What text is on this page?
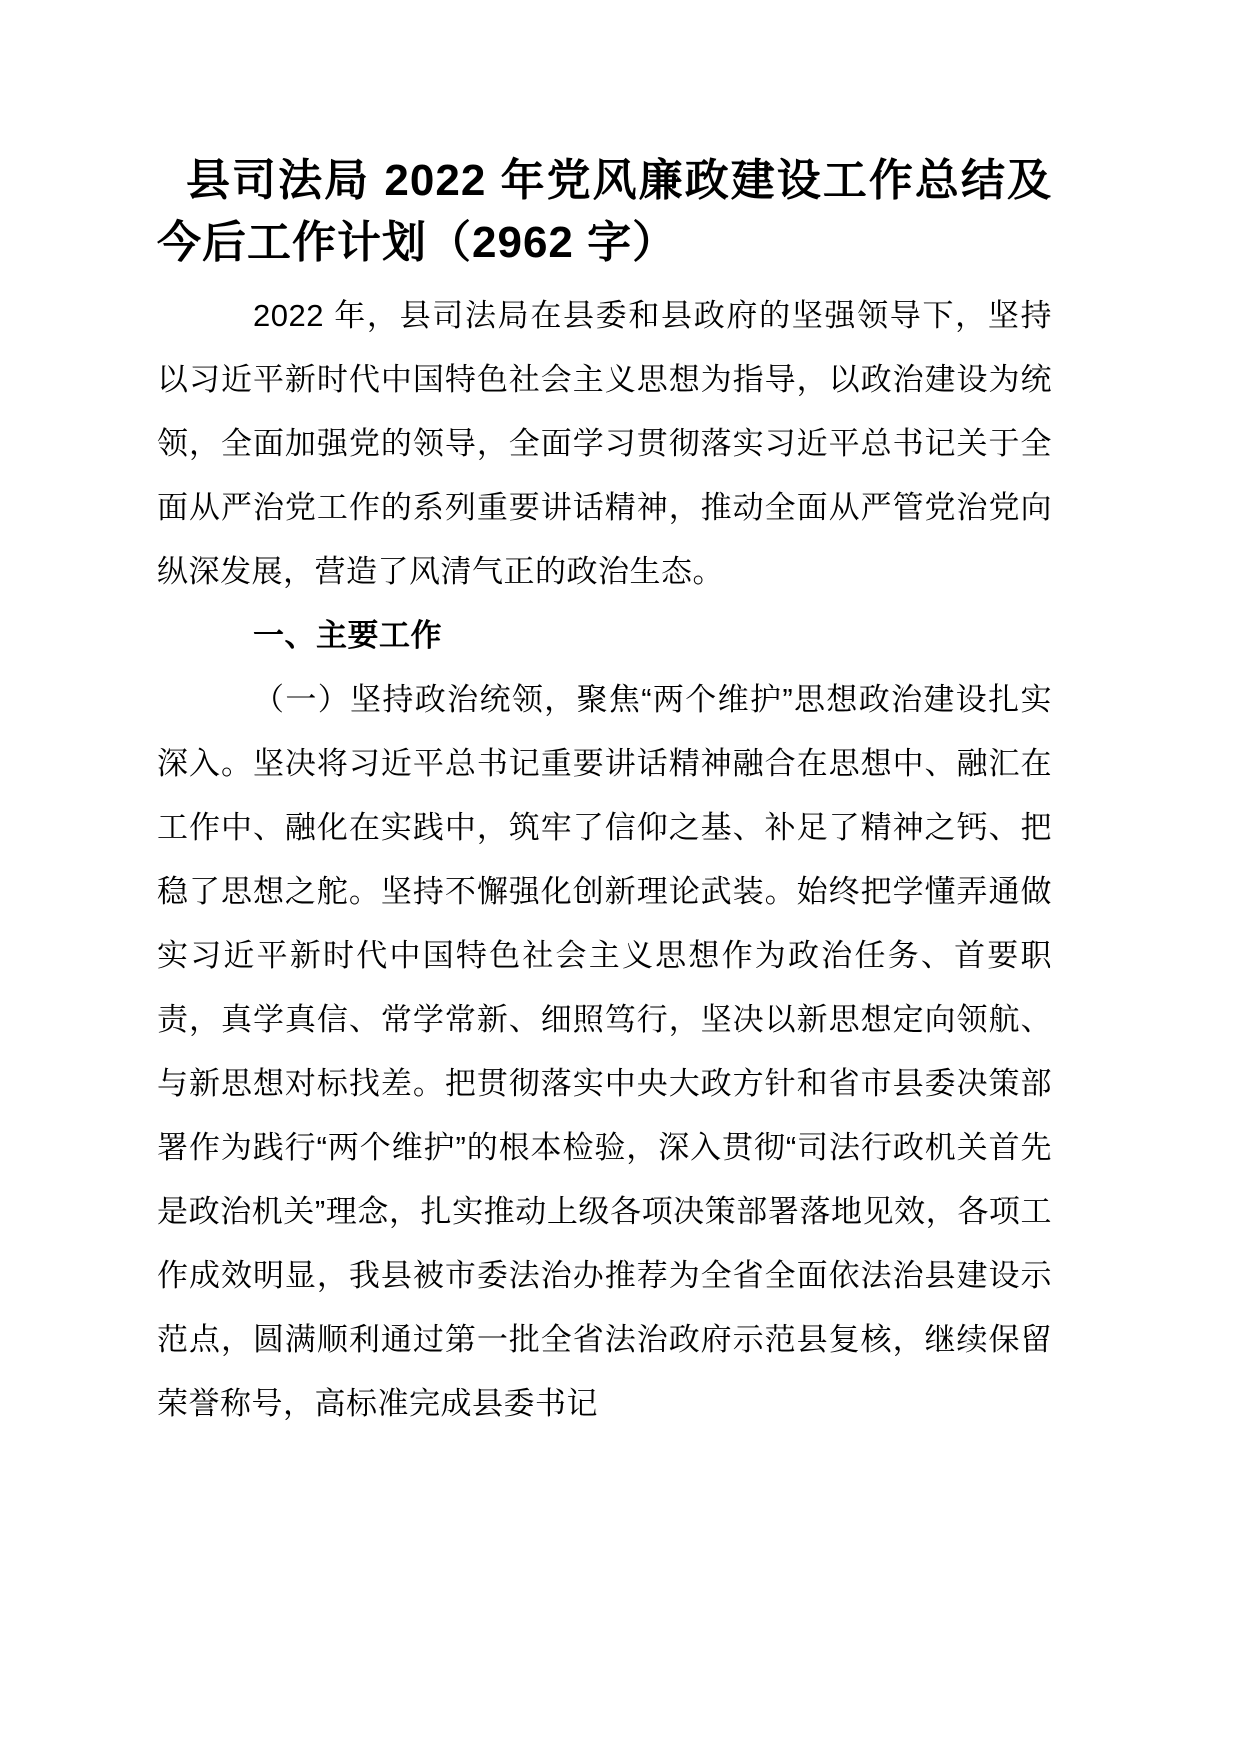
县司法局 2022 年党风廉政建设工作总结及今后工作计划（2962 字）

2022 年，县司法局在县委和县政府的坚强领导下，坚持以习近平新时代中国特色社会主义思想为指导，以政治建设为统领，全面加强党的领导，全面学习贯彻落实习近平总书记关于全面从严治党工作的系列重要讲话精神，推动全面从严管党治党向纵深发展，营造了风清气正的政治生态。

一、主要工作

（一）坚持政治统领，聚焦“两个维护”思想政治建设扎实深入。坚决将习近平总书记重要讲话精神融合在思想中、融汇在工作中、融化在实践中，筑牢了信仰之基、补足了精神之钙、把稳了思想之舵。坚持不懈强化创新理论武装。始终把学懂弄通做实习近平新时代中国特色社会主义思想作为政治任务、首要职责，真学真信、常学常新、细照笃行，坚决以新思想定向领航、与新思想对标找差。把贯彻落实中央大政方针和省市县委决策部署作为践行“两个维护”的根本检验，深入贯彻“司法行政机关首先是政治机关”理念，扎实推动上级各项决策部署落地见效，各项工作成效明显，我县被市委法治办推荐为全省全面依法治县建设示范点，圆满顺利通过第一批全省法治政府示范县复核，继续保留荣誉称号，高标准完成县委书记
